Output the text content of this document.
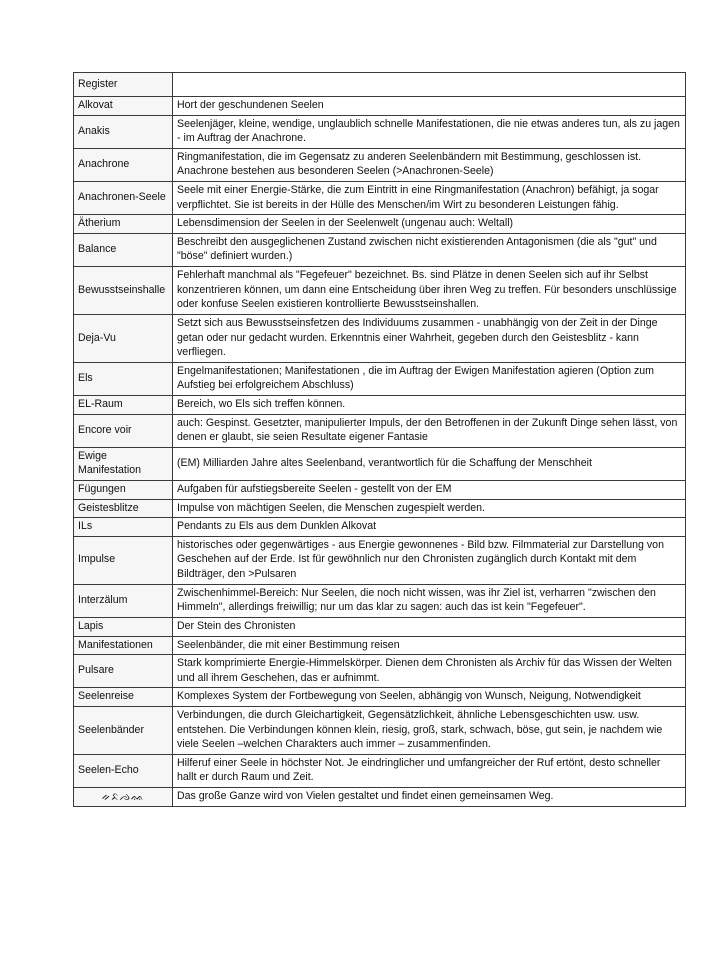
Register	
Alkovat	Hort der geschundenen Seelen
Anakis	Seelenjäger, kleine, wendige, unglaublich schnelle Manifestationen, die nie etwas anderes tun, als zu jagen - im Auftrag der Anachrone.
Anachrone	Ringmanifestation, die im Gegensatz zu anderen Seelenbändern mit Bestimmung, geschlossen ist. Anachrone bestehen aus besonderen Seelen (>Anachronen-Seele)
Anachronen-Seele	Seele mit einer Energie-Stärke, die zum Eintritt in eine Ringmanifestation (Anachron) befähigt, ja sogar verpflichtet. Sie ist bereits in der Hülle des Menschen/im Wirt zu besonderen Leistungen fähig.
Ätherium	Lebensdimension der Seelen in der Seelenwelt (ungenau auch: Weltall)
Balance	Beschreibt den ausgeglichenen Zustand zwischen nicht existierenden Antagonismen (die als "gut" und "böse" definiert wurden.)
Bewusstseinshalle	Fehlerhaft manchmal als "Fegefeuer" bezeichnet. Bs. sind Plätze in denen Seelen sich auf ihr Selbst konzentrieren können, um dann eine Entscheidung über ihren Weg zu treffen. Für besonders unschlüssige oder konfuse Seelen existieren kontrollierte Bewusstseinshallen.
Deja-Vu	Setzt sich aus Bewusstseinsfetzen des Individuums zusammen - unabhängig von der Zeit in der Dinge getan oder nur gedacht wurden. Erkenntnis einer Wahrheit, gegeben durch den Geistesblitz - kann verfliegen.
Els	Engelmanifestationen; Manifestationen , die im Auftrag der Ewigen Manifestation agieren (Option zum Aufstieg bei erfolgreichem Abschluss)
EL-Raum	Bereich, wo Els sich treffen können.
Encore voir	auch: Gespinst. Gesetzter, manipulierter Impuls, der den Betroffenen in der Zukunft Dinge sehen lässt, von denen er glaubt, sie seien Resultate eigener Fantasie
Ewige Manifestation	(EM) Milliarden Jahre altes Seelenband, verantwortlich für die Schaffung der Menschheit
Fügungen	Aufgaben für aufstiegsbereite Seelen - gestellt von der EM
Geistesblitze	Impulse von mächtigen Seelen, die Menschen zugespielt werden.
ILs	Pendants zu Els aus dem Dunklen Alkovat
Impulse	historisches oder gegenwärtiges - aus Energie gewonnenes - Bild bzw. Filmmaterial zur Darstellung von Geschehen auf der Erde. Ist für gewöhnlich nur den Chronisten zugänglich durch Kontakt mit dem Bildträger, den >Pulsaren
Interzälum	Zwischenhimmel-Bereich: Nur Seelen, die noch nicht wissen, was ihr Ziel ist, verharren "zwischen den Himmeln", allerdings freiwillig; nur um das klar zu sagen: auch das ist kein "Fegefeuer".
Lapis	Der Stein des Chronisten
Manifestationen	Seelenbänder, die mit einer Bestimmung reisen
Pulsare	Stark komprimierte Energie-Himmelskörper. Dienen dem Chronisten als Archiv für das Wissen der Welten und all ihrem Geschehen, das er aufnimmt.
Seelenreise	Komplexes System der Fortbewegung von Seelen, abhängig von Wunsch, Neigung, Notwendigkeit
Seelenbänder	Verbindungen, die durch Gleichartigkeit, Gegensätzlichkeit, ähnliche Lebensgeschichten usw. usw. entstehen. Die Verbindungen können klein, riesig, groß, stark, schwach, böse, gut sein, je nachdem wie viele Seelen –welchen Charakters auch immer – zusammenfinden.
Seelen-Echo	Hilferuf einer Seele in höchster Not. Je eindringlicher und umfangreicher der Ruf ertönt, desto schneller hallt er durch Raum und Zeit.
ᨀᨅᨌᨐ	Das große Ganze wird von Vielen gestaltet und findet einen gemeinsamen Weg.
